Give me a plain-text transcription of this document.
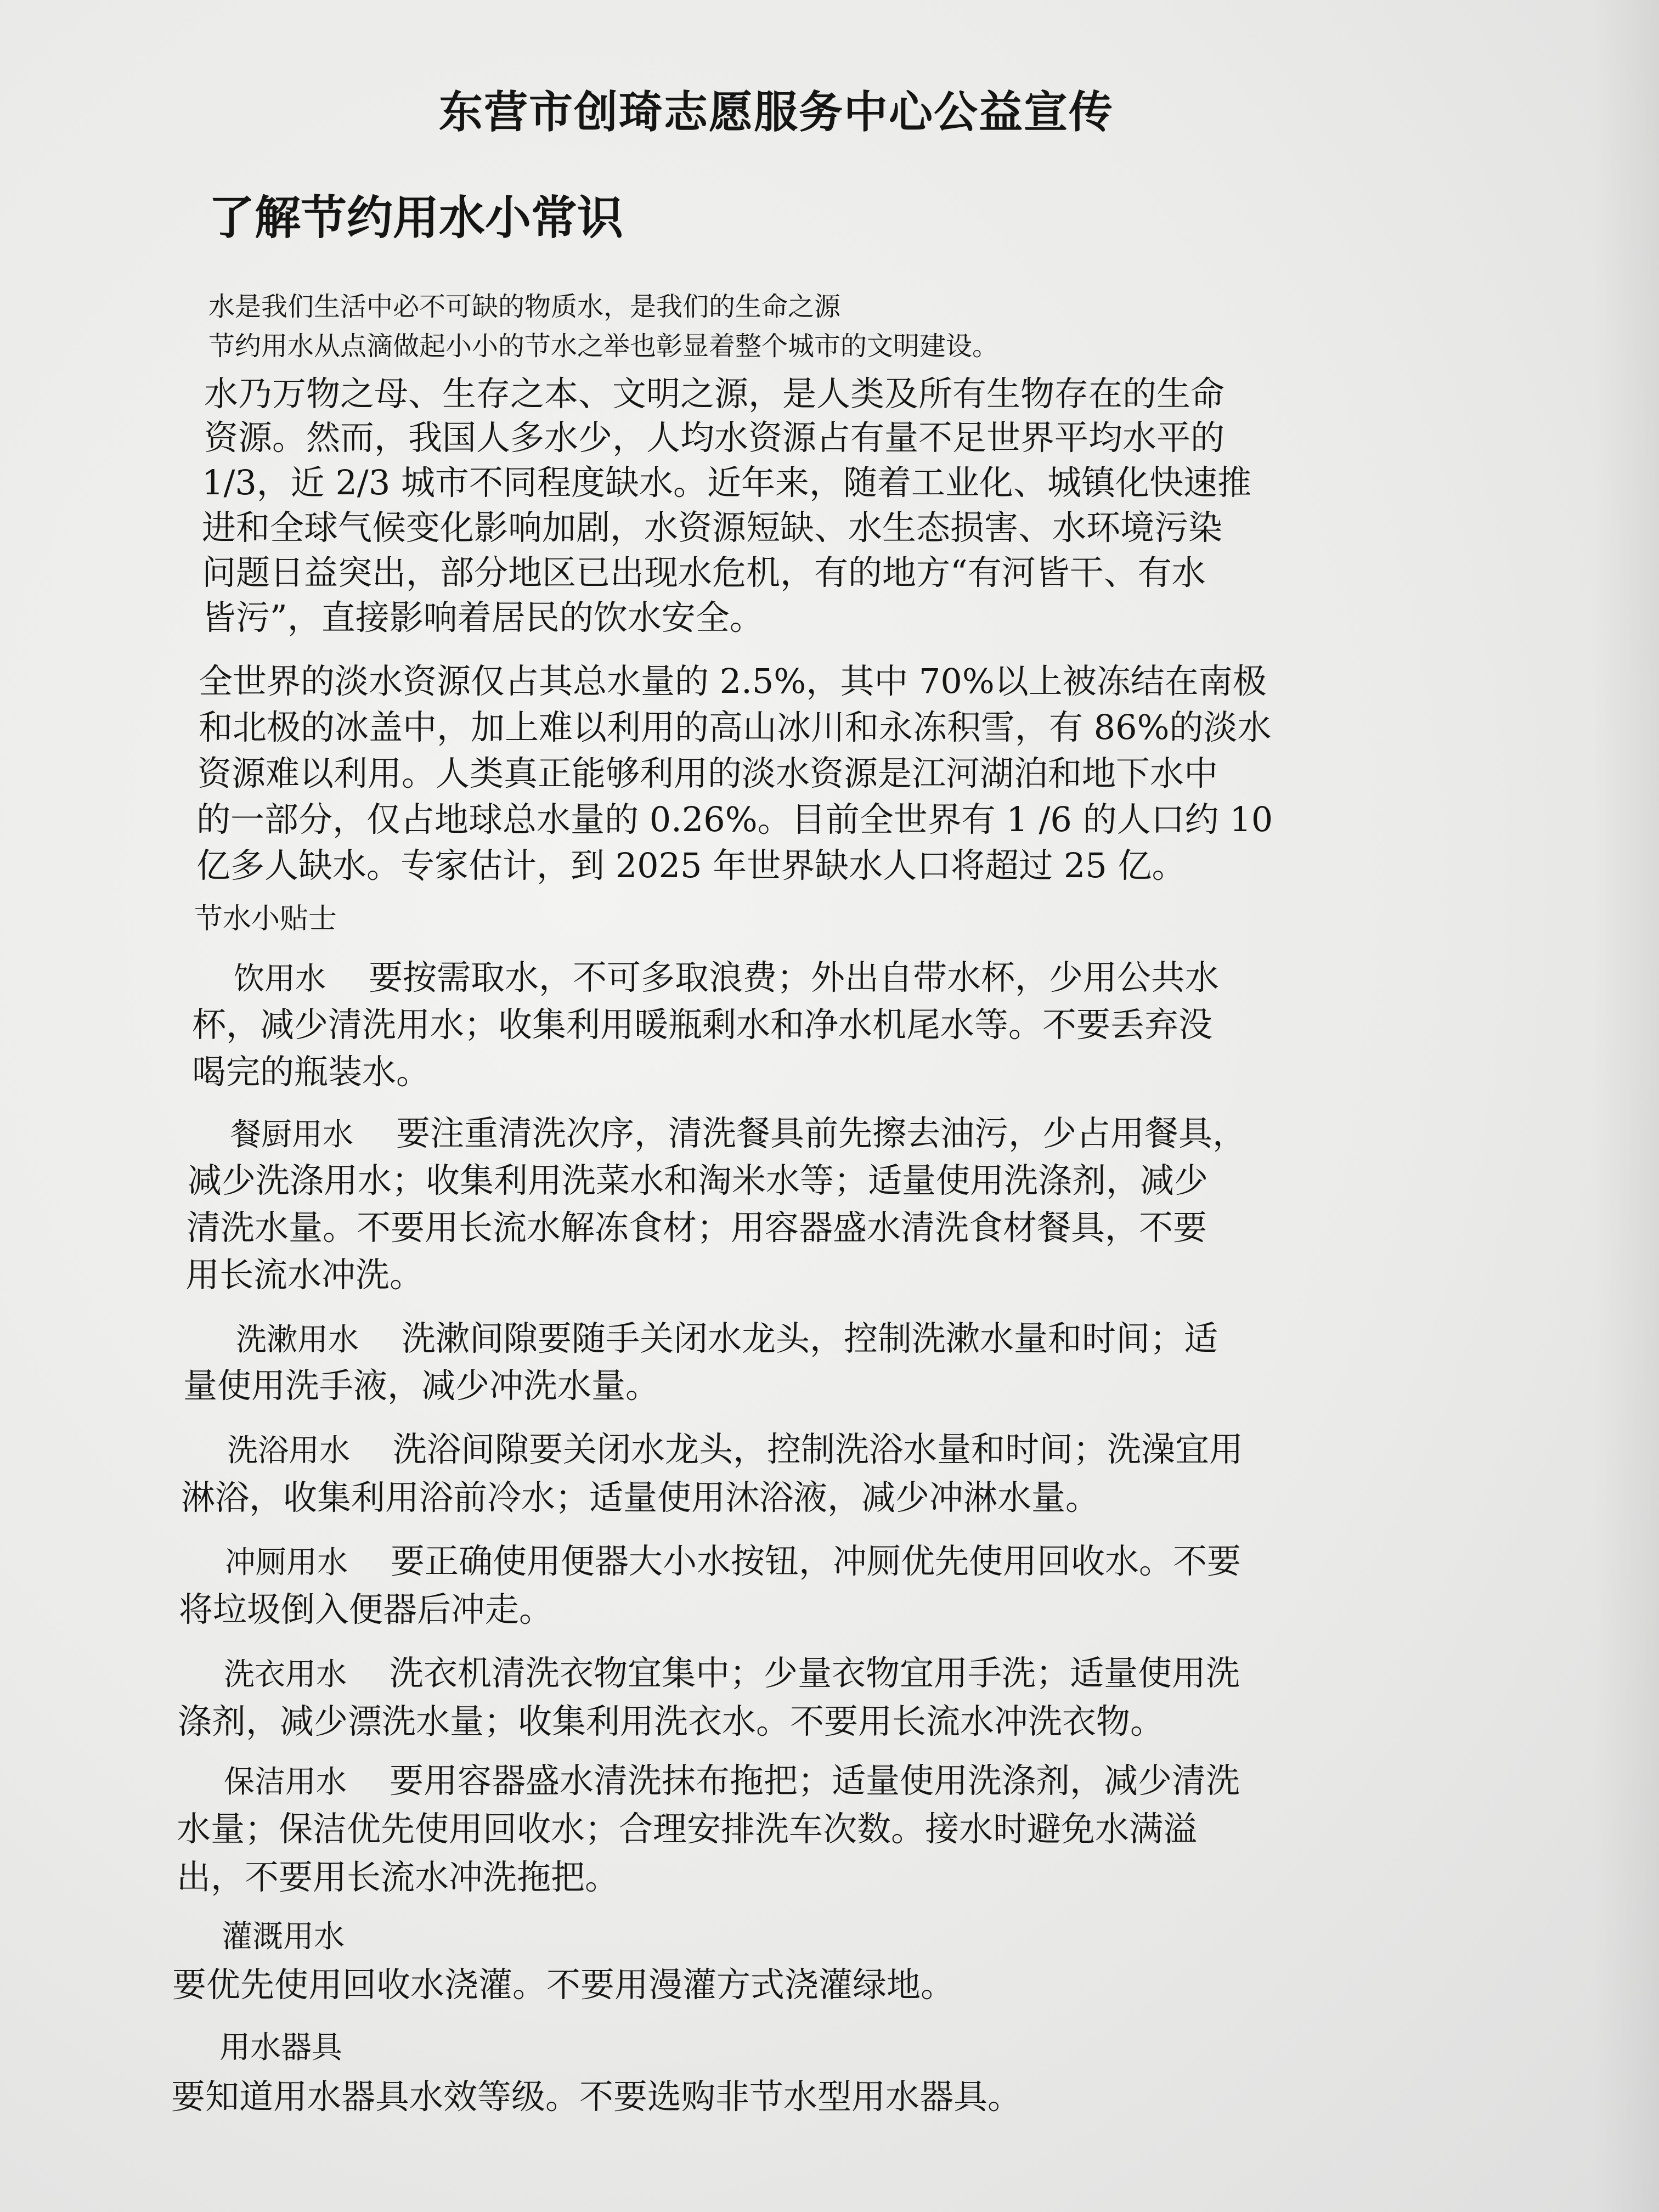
东营市创琦志愿服务中心公益宣传
了解节约用水小常识

水是我们生活中必不可缺的物质水，是我们的生命之源

节约用水从点滴做起小小的节水之举也彰显着整个城市的文明建设。

水乃万物之母、生存之本、文明之源，是人类及所有生物存在的生命

资源。然而，我国人多水少，人均水资源占有量不足世界平均水平的

1/3，近 2/3 城市不同程度缺水。近年来，随着工业化、城镇化快速推

进和全球气候变化影响加剧，水资源短缺、水生态损害、水环境污染

问题日益突出，部分地区已出现水危机，有的地方“有河皆干、有水

皆污”，直接影响着居民的饮水安全。

全世界的淡水资源仅占其总水量的 2.5%，其中 70%以上被冻结在南极

和北极的冰盖中，加上难以利用的高山冰川和永冻积雪，有 86%的淡水

资源难以利用。人类真正能够利用的淡水资源是江河湖泊和地下水中

的一部分，仅占地球总水量的 0.26%。目前全世界有 1 /6 的人口约 10

亿多人缺水。专家估计，到 2025 年世界缺水人口将超过 25 亿。

节水小贴士

饮用水 要按需取水，不可多取浪费；外出自带水杯，少用公共水

杯，减少清洗用水；收集利用暖瓶剩水和净水机尾水等。不要丢弃没

喝完的瓶装水。

餐厨用水 要注重清洗次序，清洗餐具前先擦去油污，少占用餐具，

减少洗涤用水；收集利用洗菜水和淘米水等；适量使用洗涤剂，减少

清洗水量。不要用长流水解冻食材；用容器盛水清洗食材餐具，不要

用长流水冲洗。

洗漱用水 洗漱间隙要随手关闭水龙头，控制洗漱水量和时间；适

量使用洗手液，减少冲洗水量。

洗浴用水 洗浴间隙要关闭水龙头，控制洗浴水量和时间；洗澡宜用

淋浴，收集利用浴前冷水；适量使用沐浴液，减少冲淋水量。

冲厕用水 要正确使用便器大小水按钮，冲厕优先使用回收水。不要

将垃圾倒入便器后冲走。

洗衣用水 洗衣机清洗衣物宜集中；少量衣物宜用手洗；适量使用洗

涤剂，减少漂洗水量；收集利用洗衣水。不要用长流水冲洗衣物。

保洁用水 要用容器盛水清洗抹布拖把；适量使用洗涤剂，减少清洗

水量；保洁优先使用回收水；合理安排洗车次数。接水时避免水满溢

出，不要用长流水冲洗拖把。

灌溉用水

要优先使用回收水浇灌。不要用漫灌方式浇灌绿地。

用水器具

要知道用水器具水效等级。不要选购非节水型用水器具。
